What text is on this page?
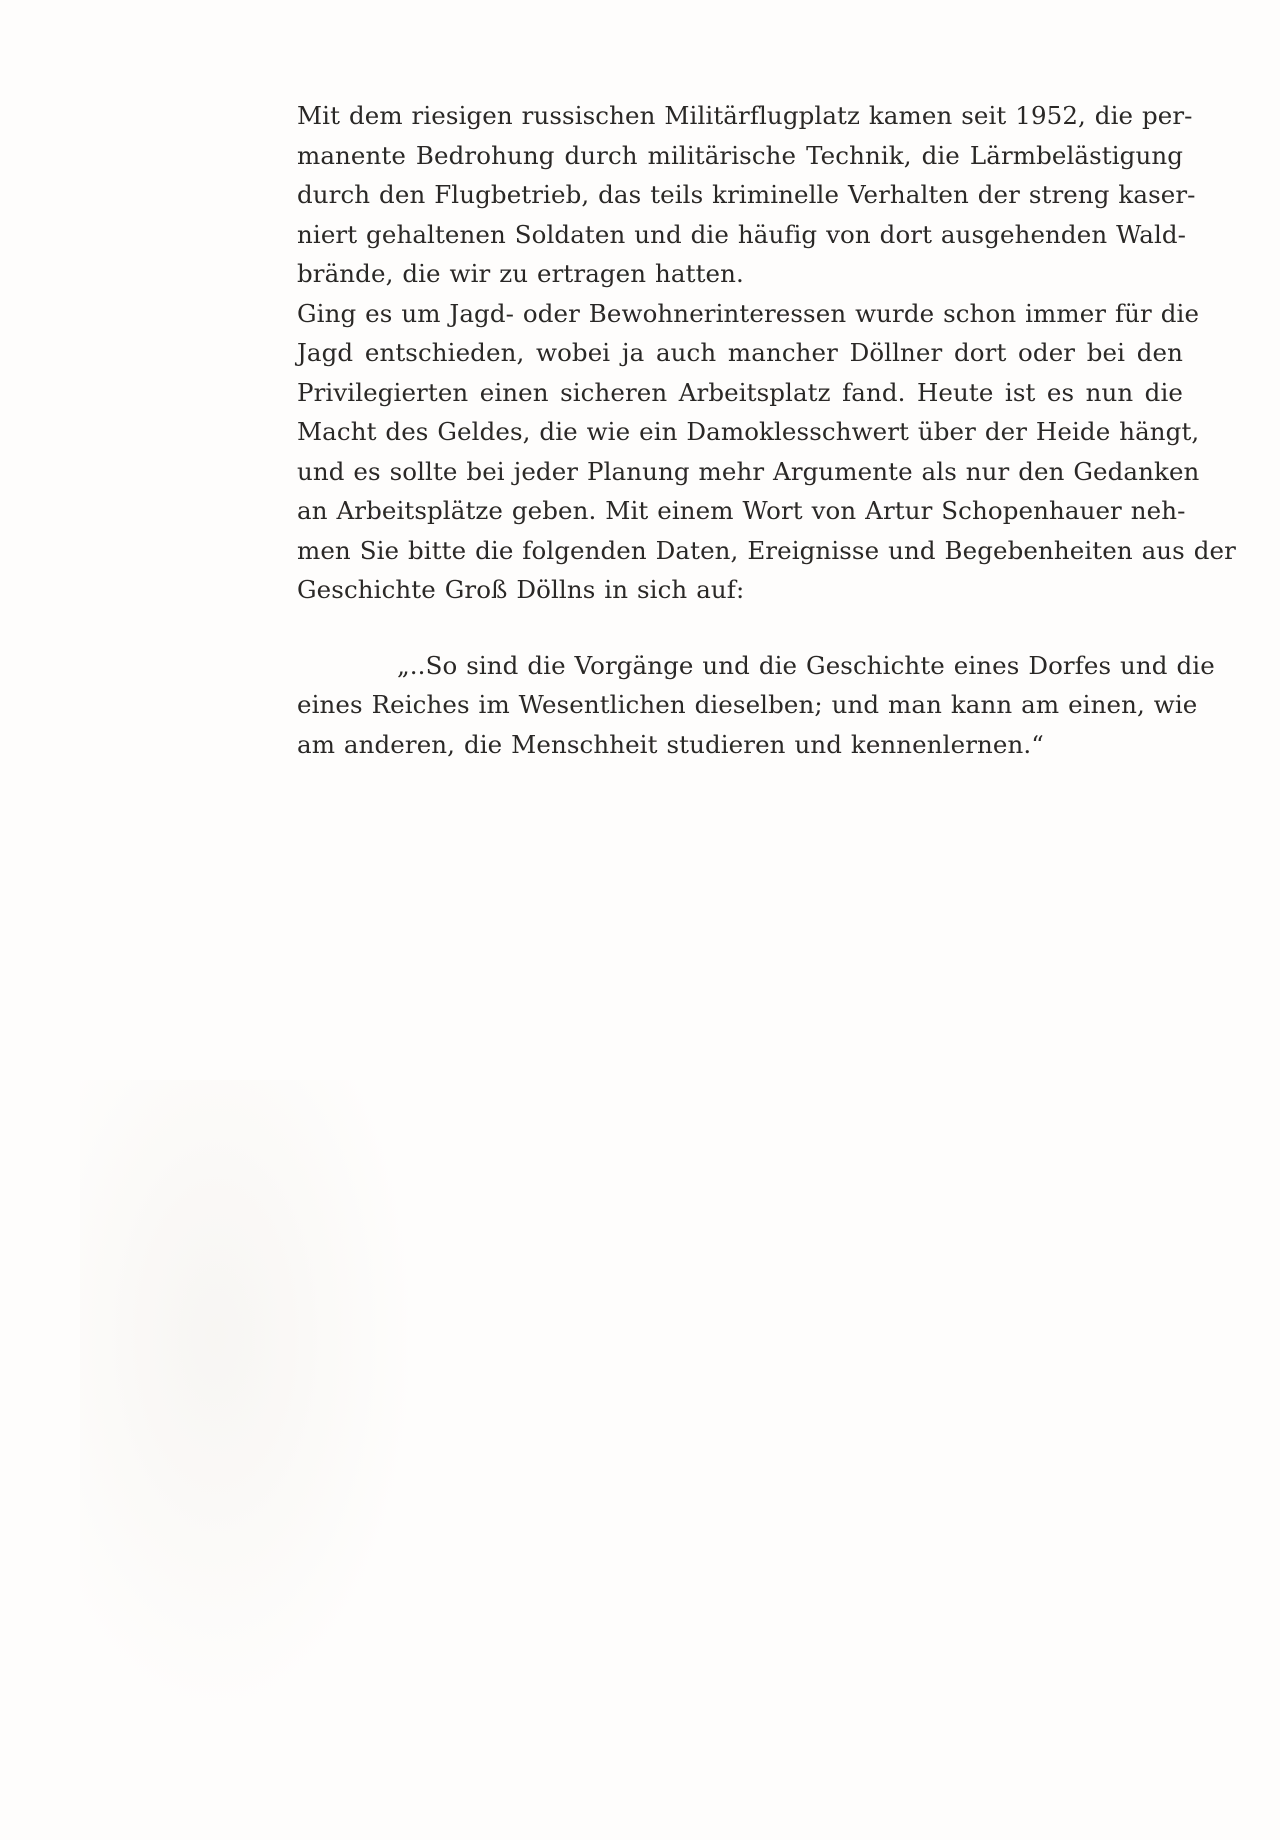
Mit dem riesigen russischen Militärflugplatz kamen seit 1952, die per-
manente Bedrohung durch militärische Technik, die Lärmbelästigung
durch den Flugbetrieb, das teils kriminelle Verhalten der streng kaser-
niert gehaltenen Soldaten und die häufig von dort ausgehenden Wald-
brände, die wir zu ertragen hatten.
Ging es um Jagd- oder Bewohnerinteressen wurde schon immer für die
Jagd entschieden, wobei ja auch mancher Döllner dort oder bei den
Privilegierten einen sicheren Arbeitsplatz fand. Heute ist es nun die
Macht des Geldes, die wie ein Damoklesschwert über der Heide hängt,
und es sollte bei jeder Planung mehr Argumente als nur den Gedanken
an Arbeitsplätze geben. Mit einem Wort von Artur Schopenhauer neh-
men Sie bitte die folgenden Daten, Ereignisse und Begebenheiten aus der
Geschichte Groß Döllns in sich auf:
„..So sind die Vorgänge und die Geschichte eines Dorfes und die
eines Reiches im Wesentlichen dieselben; und man kann am einen, wie
am anderen, die Menschheit studieren und kennenlernen.“
